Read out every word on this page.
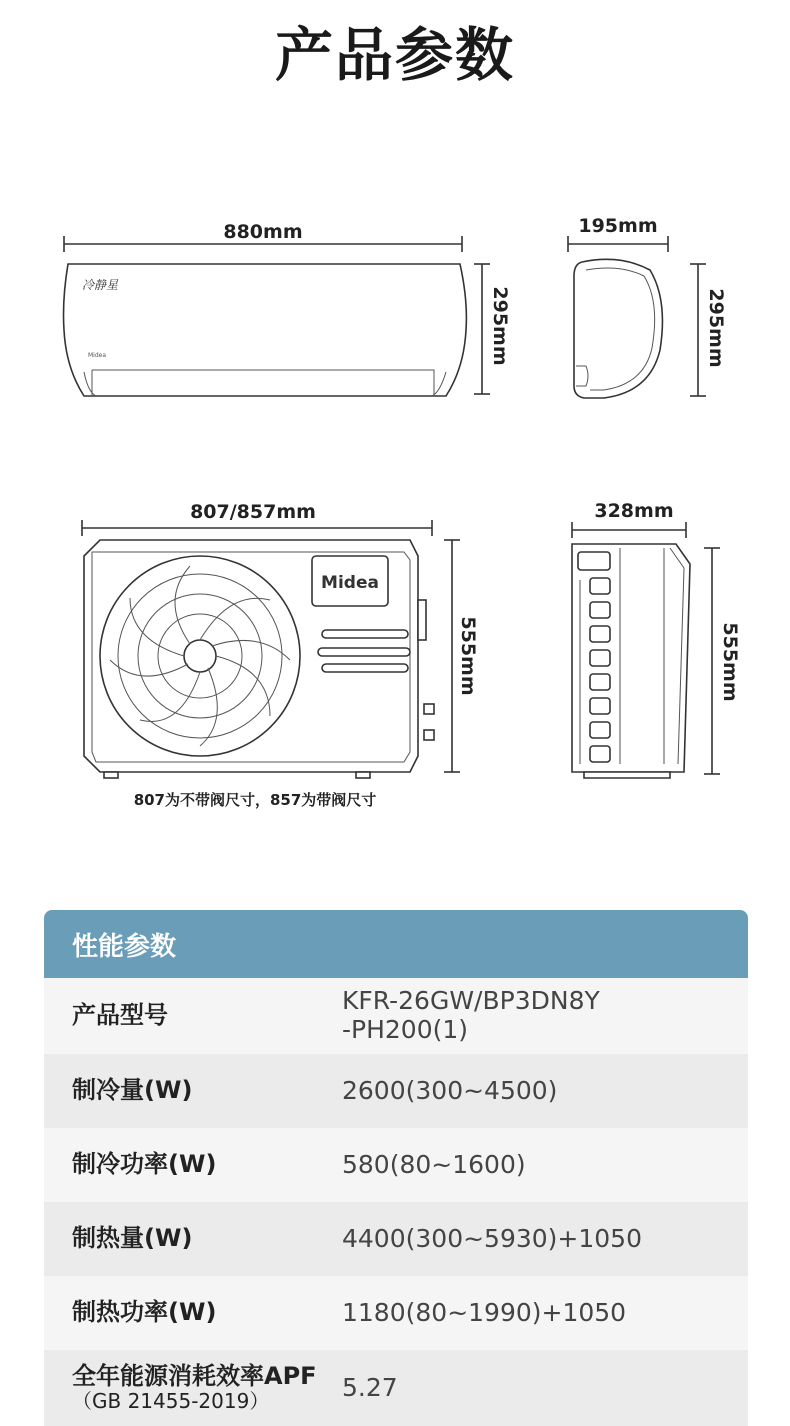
产品参数
880mm
冷静星
Midea	295mm
195mm
295mm
807/857mm
Midea
555mm
807为不带阀尺寸，857为带阀尺寸
328mm
555mm
性能参数
产品型号	KFR-26GW/BP3DN8Y
-PH200(1)
制冷量(W)	2600(300~4500)
制冷功率(W)	580(80~1600)
制热量(W)	4400(300~5930)+1050
制热功率(W)	1180(80~1990)+1050
全年能源消耗效率APF
（GB 21455-2019）	5.27
